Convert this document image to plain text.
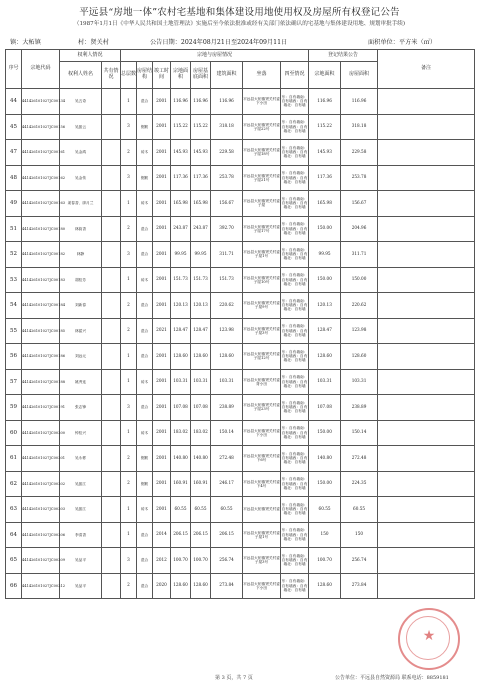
平远县“房地一体”农村宅基地和集体建设用地使用权及房屋所有权登记公告
（1987年1月1日《中华人民共和国土地管理法》实施后至今依法批准或经有关部门依法确认的宅基地与集体建设用地、规划审批手续)
镇：大柘镇	村：贤关村	公告日期：2024年08月21日至2024年09月11日	面积单位：平方米（㎡）
序号	宗地代码	权利人情况		宗地与房屋情况								登记结果公告		备注
		权利人姓名	共有情况	总层数	房屋结构	竣工时间	宗地面积	房屋基底面积	建筑面积	坐落	四至情况	宗地面积	房屋面积	
44	441426101027JC00134	吴五奇		1	混合	2001	116.96	116.96	116.96	平远县大柘镇贤关村委下小田	东：自有墙南：自有墙西：自有墙北：自有墙	116.96	116.96	
45	441426101027JC00156	吴振云		3	钢筋	2001	115.22	115.22	318.18	平远县大柘镇贤关村委子屋22号	东：自有墙南：自有墙西：自有墙北：自有墙	115.22	318.18	
47	441426101027JC00161	吴金鸿		2	砖木	2001	145.93	145.93	229.58	平远县大柘镇贤关村委子屋18号	东：自有墙南：自有墙西：自有墙北：自有墙	145.93	229.58	
48	441426101027JC00162	吴金传		3	钢筋	2001	117.36	117.36	253.78	平远县大柘镇贤关村委子屋21号	东：自有墙南：自有墙西：自有墙北：自有墙	117.36	253.78	
49	441426101027JC00163	姜春香、廖月兰		1	砖木	2001	165.98	165.98	156.67	平远县大柘镇贤关村委子屋	东：自有墙南：自有墙西：自有墙北：自有墙	165.98	156.67	
51	441426101027JC00180	林韵香		2	混合	2001	243.87	243.87	392.70	平远县大柘镇贤关村委子屋17号	东：自有墙南：自有墙西：自有墙北：自有墙	150.00	204.96	
52	441426101027JC00182	林静		3	混合	2001	99.95	99.95	311.71	平远县大柘镇贤关村委子屋1号	东：自有墙南：自有墙西：自有墙北：自有墙	99.95	311.71	
53	441426101027JC00183	胡桂芳		1	砖木	2001	151.73	151.73	151.73	平远县大柘镇贤关村委子屋10号	东：自有墙南：自有墙西：自有墙北：自有墙	150.00	150.00	
54	441426101027JC00184	刘新春		2	混合	2001	120.13	120.13	220.62	平远县大柘镇贤关村委子屋9号	东：自有墙南：自有墙西：自有墙北：自有墙	120.13	220.62	
55	441426101027JC00185	林韶兴		2	混合	2021	128.47	128.47	123.98	平远县大柘镇贤关村委子屋3号	东：自有墙南：自有墙西：自有墙北：自有墙	128.47	123.98	
56	441426101027JC00186	刘远元		1	混合	2001	128.60	128.60	128.60	平远县大柘镇贤关村委子屋12号	东：自有墙南：自有墙西：自有墙北：自有墙	128.60	128.60	
57	441426101027JC00188	姚秀连		1	砖木	2001	103.31	103.31	103.31	平远县大柘镇贤关村委背小田	东：自有墙南：自有墙西：自有墙北：自有墙	103.31	103.31	
59	441426101027JC00191	张志锋		3	混合	2001	107.08	107.08	238.89	平远县大柘镇贤关村委子屋23号	东：自有墙南：自有墙西：自有墙北：自有墙	107.08	238.89	
60	441426101027JC00200	钟桂兴		1	砖木	2001	183.02	183.02	150.14	平远县大柘镇贤关村委下小田	东：自有墙南：自有墙西：自有墙北：自有墙	150.00	150.14	
61	441426101027JC00201	吴永彬		2	钢筋	2001	140.80	140.80	272.48	平远县大柘镇贤关村委下6号	东：自有墙南：自有墙西：自有墙北：自有墙	140.80	272.48	
62	441426101027JC00202	吴振江		2	钢筋	2001	160.91	160.91	246.17	平远县大柘镇贤关村委下4号	东：自有墙南：自有墙西：自有墙北：自有墙	150.00	224.35	
63	441426101027JC00203	吴振江		1	砖木	2001	60.55	60.55	60.55	平远县大柘镇贤关村委	东：自有墙南：自有墙西：自有墙北：自有墙	60.55	60.55	
64	441426101027JC00206	李清香		1	混合	2014	206.15	206.15	206.15	平远县大柘镇贤关村委子屋1号	东：自有墙南：自有墙西：自有墙北：自有墙	150	150	
65	441426101027JC00209	吴品平		3	混合	2012	100.70	100.70	256.74	平远县大柘镇贤关村委子屋3号	东：自有墙南：自有墙西：自有墙北：自有墙	100.70	256.74	
66	441426101027JC00212	吴品平		2	混合	2020	128.60	128.60	273.84	平远县大柘镇贤关村委下小田	东：自有墙南：自有墙西：自有墙北：自有墙	128.60	273.84	
★
第 3 页，共 7 页	公告单位：平远县自然资源局 联系电话：8859181
